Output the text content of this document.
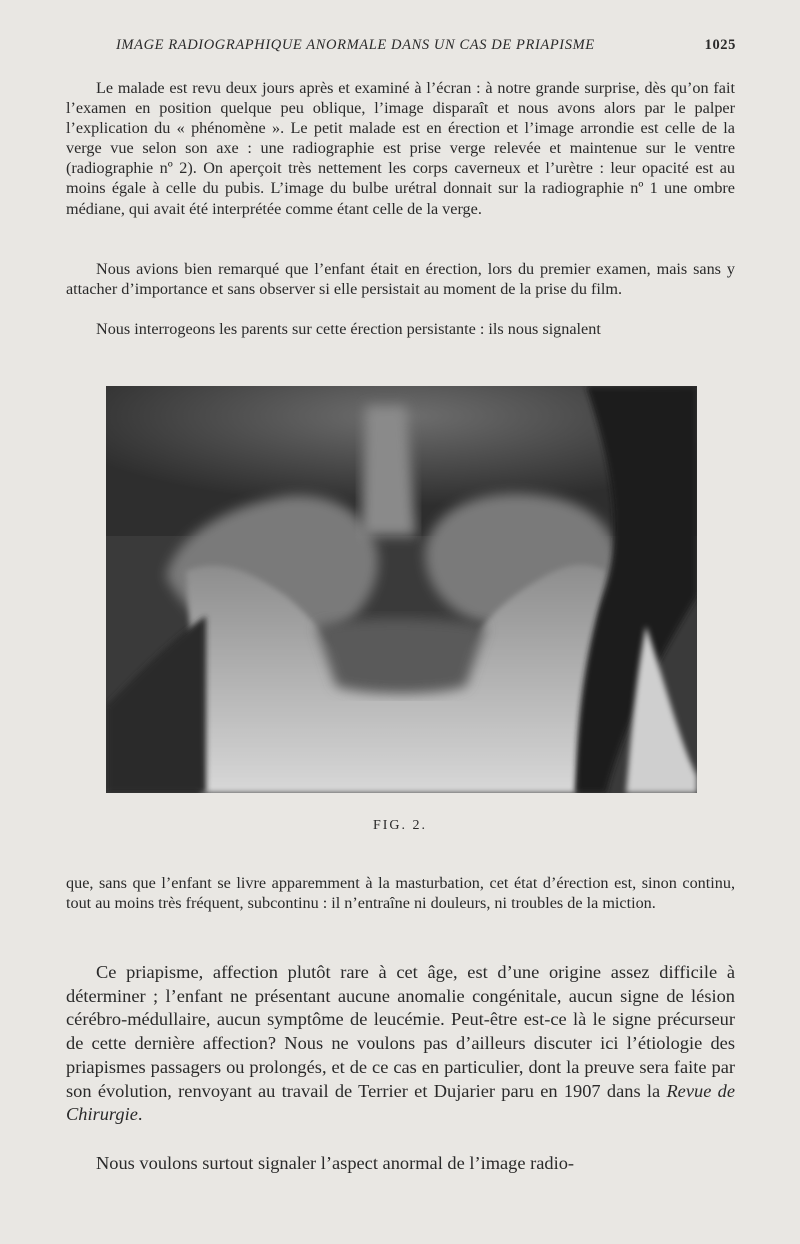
IMAGE RADIOGRAPHIQUE ANORMALE DANS UN CAS DE PRIAPISME	1025

Le malade est revu deux jours après et examiné à l’écran : à notre grande surprise, dès qu’on fait l’examen en position quelque peu oblique, l’image disparaît et nous avons alors par le palper l’explication du « phénomène ». Le petit malade est en érection et l’image arrondie est celle de la verge vue selon son axe : une radiographie est prise verge relevée et maintenue sur le ventre (radiographie nº 2). On aperçoit très nettement les corps caverneux et l’urètre : leur opacité est au moins égale à celle du pubis. L’image du bulbe urétral donnait sur la radiographie nº 1 une ombre médiane, qui avait été interprétée comme étant celle de la verge.

Nous avions bien remarqué que l’enfant était en érection, lors du premier examen, mais sans y attacher d’importance et sans observer si elle persistait au moment de la prise du film.

Nous interrogeons les parents sur cette érection persistante : ils nous signalent

FIG. 2.

que, sans que l’enfant se livre apparemment à la masturbation, cet état d’érection est, sinon continu, tout au moins très fréquent, subcontinu : il n’entraîne ni douleurs, ni troubles de la miction.

Ce priapisme, affection plutôt rare à cet âge, est d’une origine assez difficile à déterminer ; l’enfant ne présentant aucune anomalie congénitale, aucun signe de lésion cérébro-médullaire, aucun symptôme de leucémie. Peut-être est-ce là le signe précurseur de cette dernière affection? Nous ne voulons pas d’ailleurs discuter ici l’étiologie des priapismes passagers ou prolongés, et de ce cas en particulier, dont la preuve sera faite par son évolution, renvoyant au travail de Terrier et Dujarier paru en 1907 dans la Revue de Chirurgie.

Nous voulons surtout signaler l’aspect anormal de l’image radio-
